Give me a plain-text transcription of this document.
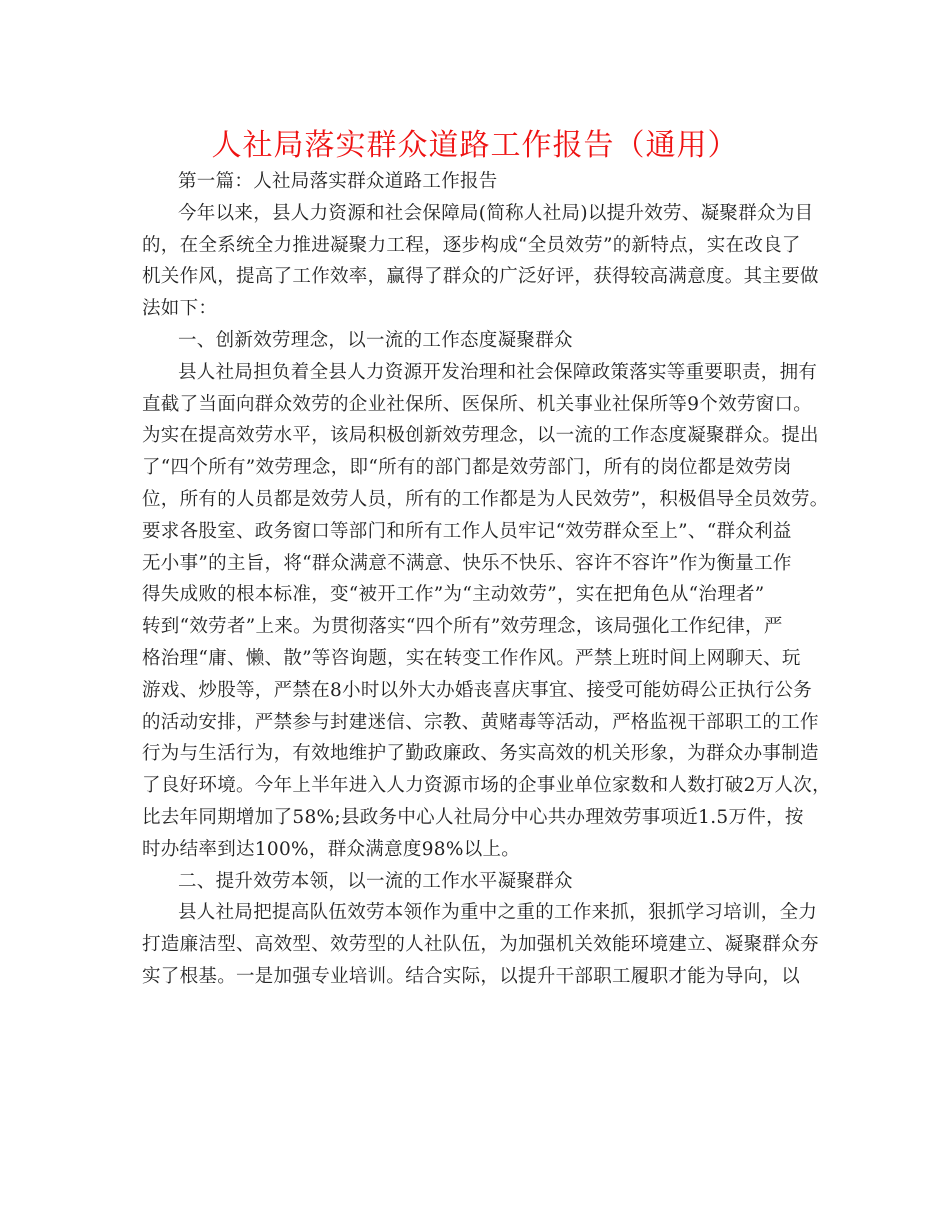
人社局落实群众道路工作报告（通用）
第一篇：人社局落实群众道路工作报告
今年以来，县人力资源和社会保障局(简称人社局)以提升效劳、凝聚群众为目
的，在全系统全力推进凝聚力工程，逐步构成“全员效劳”的新特点，实在改良了
机关作风，提高了工作效率，赢得了群众的广泛好评，获得较高满意度。其主要做
法如下：
一、创新效劳理念，以一流的工作态度凝聚群众
县人社局担负着全县人力资源开发治理和社会保障政策落实等重要职责，拥有
直截了当面向群众效劳的企业社保所、医保所、机关事业社保所等9个效劳窗口。
为实在提高效劳水平，该局积极创新效劳理念，以一流的工作态度凝聚群众。提出
了“四个所有”效劳理念，即“所有的部门都是效劳部门，所有的岗位都是效劳岗
位，所有的人员都是效劳人员，所有的工作都是为人民效劳”，积极倡导全员效劳。
要求各股室、政务窗口等部门和所有工作人员牢记“效劳群众至上”、“群众利益
无小事”的主旨，将“群众满意不满意、快乐不快乐、容许不容许”作为衡量工作
得失成败的根本标准，变“被开工作”为“主动效劳”，实在把角色从“治理者”
转到“效劳者”上来。为贯彻落实“四个所有”效劳理念，该局强化工作纪律，严
格治理“庸、懒、散”等咨询题，实在转变工作作风。严禁上班时间上网聊天、玩
游戏、炒股等，严禁在8小时以外大办婚丧喜庆事宜、接受可能妨碍公正执行公务
的活动安排，严禁参与封建迷信、宗教、黄赌毒等活动，严格监视干部职工的工作
行为与生活行为，有效地维护了勤政廉政、务实高效的机关形象，为群众办事制造
了良好环境。今年上半年进入人力资源市场的企事业单位家数和人数打破2万人次，
比去年同期增加了58%;县政务中心人社局分中心共办理效劳事项近1.5万件，按
时办结率到达100%，群众满意度98%以上。
二、提升效劳本领，以一流的工作水平凝聚群众
县人社局把提高队伍效劳本领作为重中之重的工作来抓，狠抓学习培训，全力
打造廉洁型、高效型、效劳型的人社队伍，为加强机关效能环境建立、凝聚群众夯
实了根基。一是加强专业培训。结合实际，以提升干部职工履职才能为导向，以
